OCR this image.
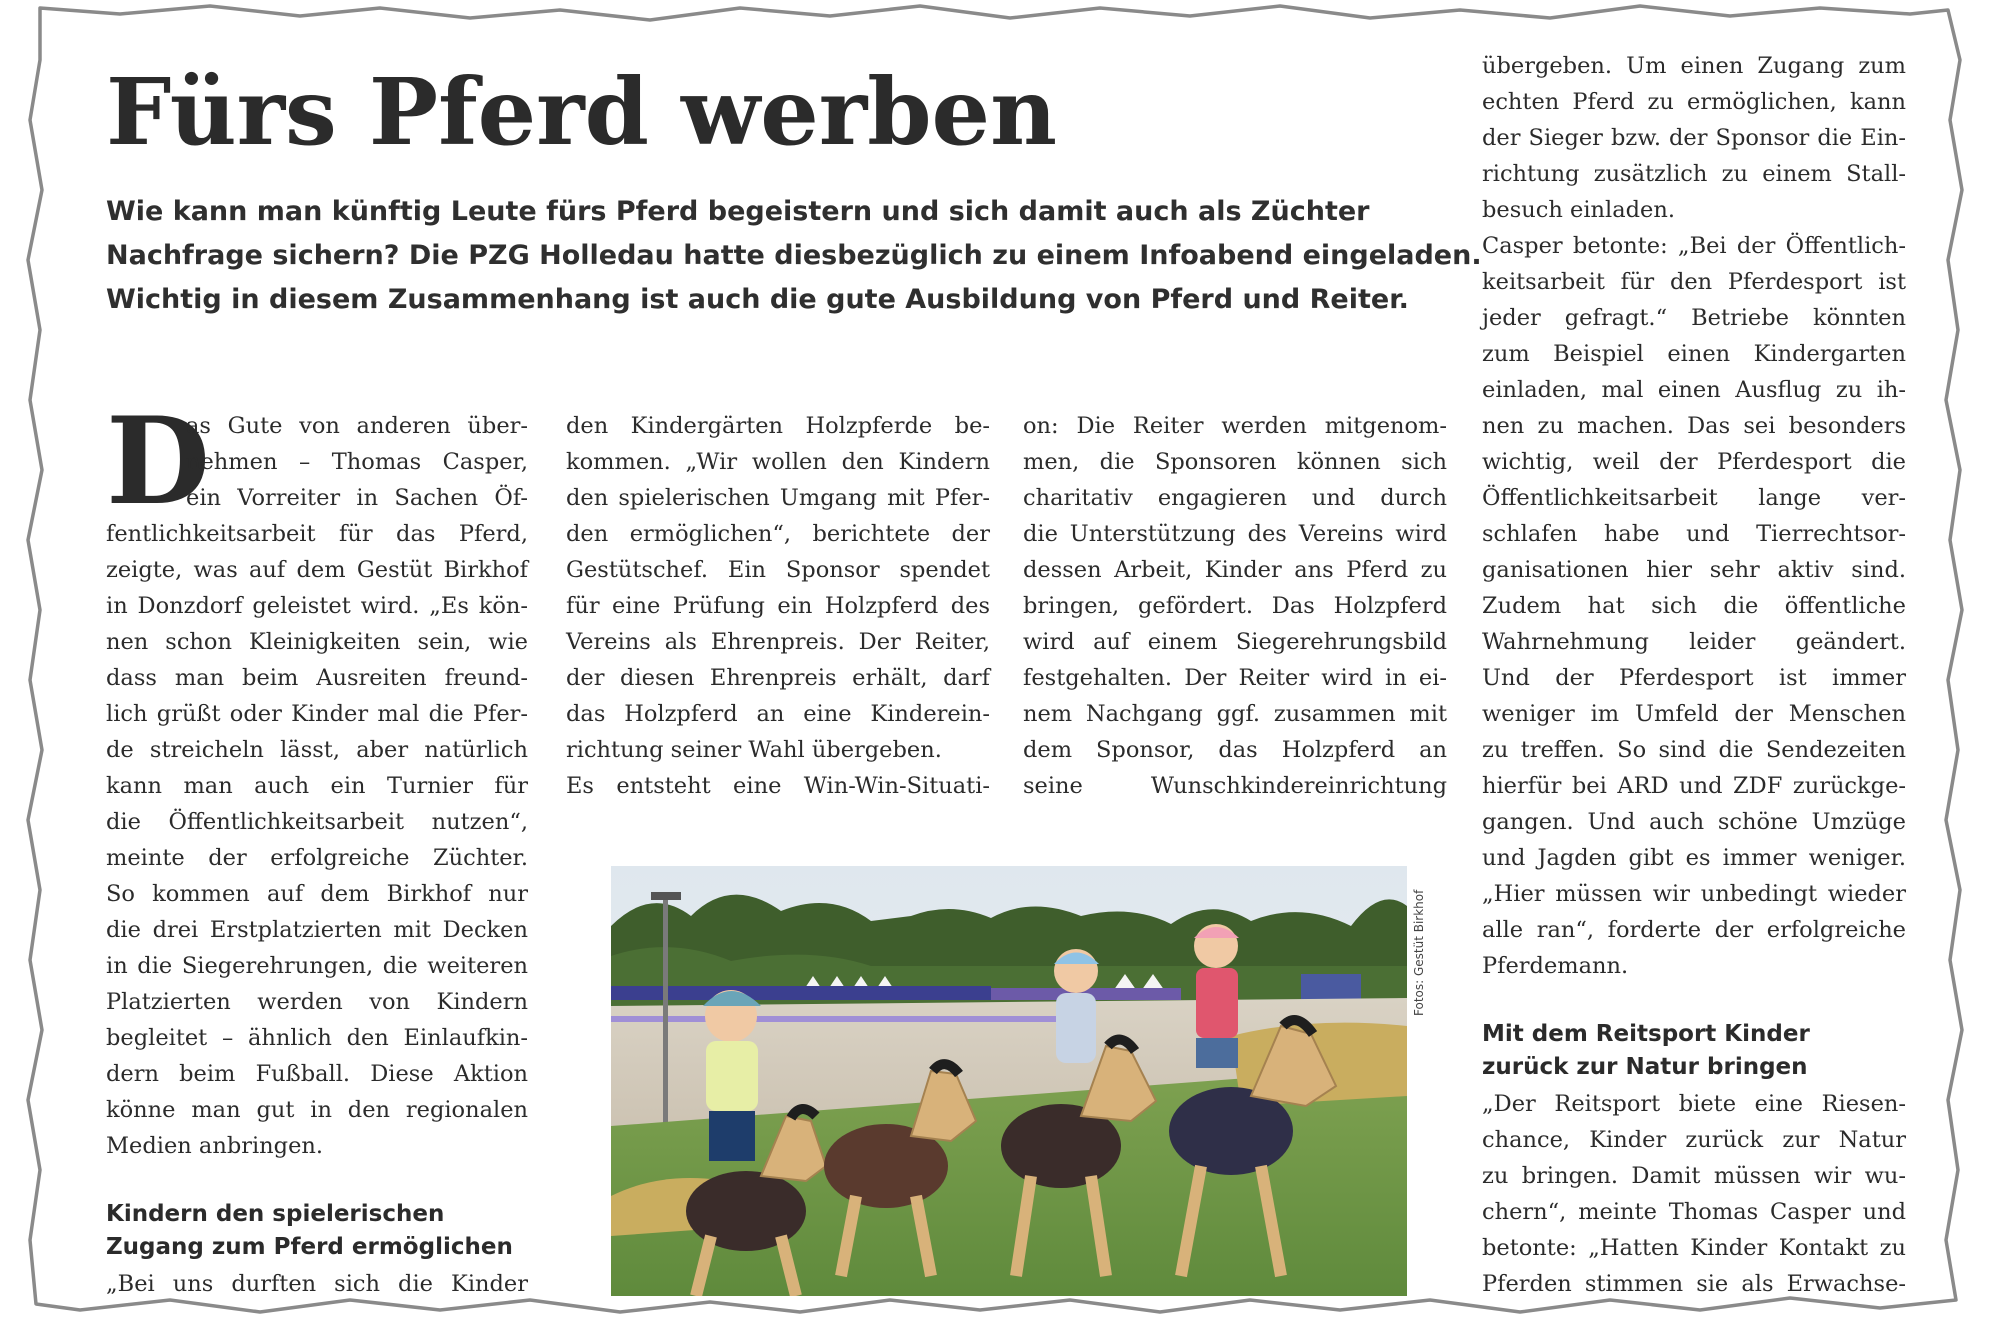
Fürs Pferd werben
Wie kann man künftig Leute fürs Pferd begeistern und sich damit auch als Züchter
Nachfrage sichern? Die PZG Holledau hatte diesbezüglich zu einem Infoabend eingeladen.
Wichtig in diesem Zusammenhang ist auch die gute Ausbildung von Pferd und Reiter.
D
as Gute von anderen über-
nehmen – Thomas Casper,
ein Vorreiter in Sachen Öf-
fentlichkeitsarbeit für das Pferd,
zeigte, was auf dem Gestüt Birkhof
in Donzdorf geleistet wird. „Es kön-
nen schon Kleinigkeiten sein, wie
dass man beim Ausreiten freund-
lich grüßt oder Kinder mal die Pfer-
de streicheln lässt, aber natürlich
kann man auch ein Turnier für
die Öffentlichkeitsarbeit nutzen“,
meinte der erfolgreiche Züchter.
So kommen auf dem Birkhof nur
die drei Erstplatzierten mit Decken
in die Siegerehrungen, die weiteren
Platzierten werden von Kindern
begleitet – ähnlich den Einlaufkin-
dern beim Fußball. Diese Aktion
könne man gut in den regionalen
Medien anbringen.
Kindern den spielerischen
Zugang zum Pferd ermöglichen
„Bei uns durften sich die Kinder
den Kindergärten Holzpferde be-
kommen. „Wir wollen den Kindern
den spielerischen Umgang mit Pfer-
den ermöglichen“, berichtete der
Gestütschef. Ein Sponsor spendet
für eine Prüfung ein Holzpferd des
Vereins als Ehrenpreis. Der Reiter,
der diesen Ehrenpreis erhält, darf
das Holzpferd an eine Kinderein-
richtung seiner Wahl übergeben.
Es entsteht eine Win-Win-Situati-
on: Die Reiter werden mitgenom-
men, die Sponsoren können sich
charitativ engagieren und durch
die Unterstützung des Vereins wird
dessen Arbeit, Kinder ans Pferd zu
bringen, gefördert. Das Holzpferd
wird auf einem Siegerehrungsbild
festgehalten. Der Reiter wird in ei-
nem Nachgang ggf. zusammen mit
dem Sponsor, das Holzpferd an
seine Wunschkindereinrichtung
übergeben. Um einen Zugang zum
echten Pferd zu ermöglichen, kann
der Sieger bzw. der Sponsor die Ein-
richtung zusätzlich zu einem Stall-
besuch einladen.
Casper betonte: „Bei der Öffentlich-
keitsarbeit für den Pferdesport ist
jeder gefragt.“ Betriebe könnten
zum Beispiel einen Kindergarten
einladen, mal einen Ausflug zu ih-
nen zu machen. Das sei besonders
wichtig, weil der Pferdesport die
Öffentlichkeitsarbeit lange ver-
schlafen habe und Tierrechtsor-
ganisationen hier sehr aktiv sind.
Zudem hat sich die öffentliche
Wahrnehmung leider geändert.
Und der Pferdesport ist immer
weniger im Umfeld der Menschen
zu treffen. So sind die Sendezeiten
hierfür bei ARD und ZDF zurückge-
gangen. Und auch schöne Umzüge
und Jagden gibt es immer weniger.
„Hier müssen wir unbedingt wieder
alle ran“, forderte der erfolgreiche
Pferdemann.
Mit dem Reitsport Kinder
zurück zur Natur bringen
„Der Reitsport biete eine Riesen-
chance, Kinder zurück zur Natur
zu bringen. Damit müssen wir wu-
chern“, meinte Thomas Casper und
betonte: „Hatten Kinder Kontakt zu
Pferden stimmen sie als Erwachse-
Fotos: Gestüt Birkhof
